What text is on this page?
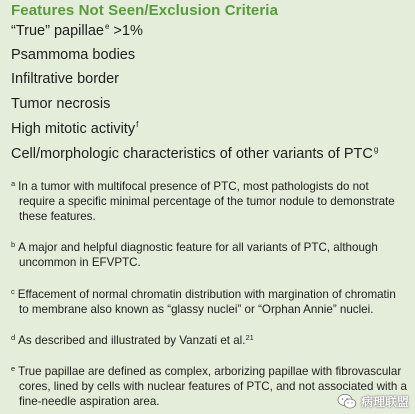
Features Not Seen/Exclusion Criteria
“True” papillae$^e$ >1%
Psammoma bodies
Infiltrative border
Tumor necrosis
High mitotic activity$^f$
Cell/morphologic characteristics of other variants of PTC$^g$
$^a$ In a tumor with multifocal presence of PTC, most pathologists do not
require a specific minimal percentage of the tumor nodule to demonstrate these features.
$^b$ A major and helpful diagnostic feature for all variants of PTC, although
uncommon in EFVPTC.
$^c$ Effacement of normal chromatin distribution with margination of chromatin
to membrane also known as “glassy nuclei” or “Orphan Annie” nuclei.
$^d$ As described and illustrated by Vanzati et al.$^{21}$
$^e$ True papillae are defined as complex, arborizing papillae with fibrovascular
cores, lined by cells with nuclear features of PTC, and not associated with a fine-needle aspiration area.	病理联盟
